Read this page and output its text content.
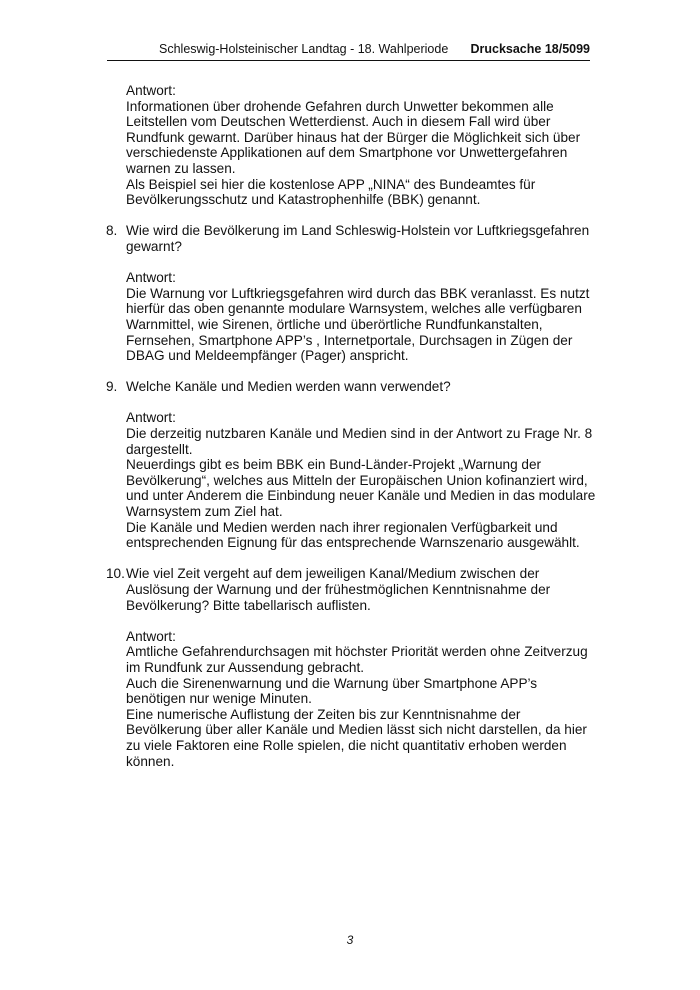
Schleswig-Holsteinischer Landtag - 18. Wahlperiode Drucksache 18/5099
Antwort:
Informationen über drohende Gefahren durch Unwetter bekommen alle
Leitstellen vom Deutschen Wetterdienst. Auch in diesem Fall wird über
Rundfunk gewarnt. Darüber hinaus hat der Bürger die Möglichkeit sich über
verschiedenste Applikationen auf dem Smartphone vor Unwettergefahren
warnen zu lassen.
Als Beispiel sei hier die kostenlose APP „NINA“ des Bundeamtes für
Bevölkerungsschutz und Katastrophenhilfe (BBK) genannt.
8. Wie wird die Bevölkerung im Land Schleswig-Holstein vor Luftkriegsgefahren
gewarnt?
Antwort:
Die Warnung vor Luftkriegsgefahren wird durch das BBK veranlasst. Es nutzt
hierfür das oben genannte modulare Warnsystem, welches alle verfügbaren
Warnmittel, wie Sirenen, örtliche und überörtliche Rundfunkanstalten,
Fernsehen, Smartphone APP’s , Internetportale, Durchsagen in Zügen der
DBAG und Meldeempfänger (Pager) anspricht.
9. Welche Kanäle und Medien werden wann verwendet?
Antwort:
Die derzeitig nutzbaren Kanäle und Medien sind in der Antwort zu Frage Nr. 8
dargestellt.
Neuerdings gibt es beim BBK ein Bund-Länder-Projekt „Warnung der
Bevölkerung“, welches aus Mitteln der Europäischen Union kofinanziert wird,
und unter Anderem die Einbindung neuer Kanäle und Medien in das modulare
Warnsystem zum Ziel hat.
Die Kanäle und Medien werden nach ihrer regionalen Verfügbarkeit und
entsprechenden Eignung für das entsprechende Warnszenario ausgewählt.
10. Wie viel Zeit vergeht auf dem jeweiligen Kanal/Medium zwischen der
Auslösung der Warnung und der frühestmöglichen Kenntnisnahme der
Bevölkerung? Bitte tabellarisch auflisten.
Antwort:
Amtliche Gefahrendurchsagen mit höchster Priorität werden ohne Zeitverzug
im Rundfunk zur Aussendung gebracht.
Auch die Sirenenwarnung und die Warnung über Smartphone APP’s
benötigen nur wenige Minuten.
Eine numerische Auflistung der Zeiten bis zur Kenntnisnahme der
Bevölkerung über aller Kanäle und Medien lässt sich nicht darstellen, da hier
zu viele Faktoren eine Rolle spielen, die nicht quantitativ erhoben werden
können.
3
